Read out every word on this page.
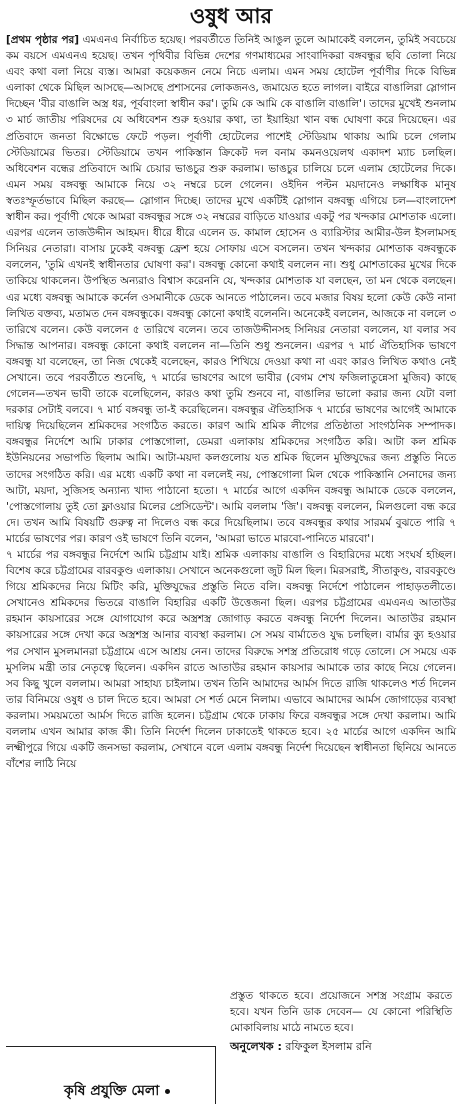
ওষুধ আর

[প্রথম পৃষ্ঠার পর] এমএনএ নির্বাচিত হয়েছ। পরবর্তীতে তিনিই আঙুল তুলে আমাকেই বললেন, তুমিই সবচেয়ে কম বয়সে এমএনএ হয়েছ। তখন পৃথিবীর বিভিন্ন দেশের গণমাধ্যমের সাংবাদিকরা বঙ্গবন্ধুর ছবি তোলা নিয়ে এবং কথা বলা নিয়ে ব্যস্ত। আমরা কয়েকজন নেমে নিচে এলাম। এমন সময় হোটেল পূর্বাণীর দিকে বিভিন্ন এলাকা থেকে মিছিল আসছে—আসছে প্রশাসনের লোকজনও, জমায়েত হতে লাগল। বাইরে বাঙালিরা স্লোগান দিচ্ছেন 'বীর বাঙালি অস্ত্র ধর, পূর্ববাংলা স্বাধীন কর'। তুমি কে আমি কে বাঙালি বাঙালি'। তাদের মুখেই শুনলাম ৩ মার্চ জাতীয় পরিষদের যে অধিবেশন শুরু হওয়ার কথা, তা ইয়াহিয়া খান বন্ধ ঘোষণা করে দিয়েছেন। এর প্রতিবাদে জনতা বিক্ষোভে ফেটে পড়ল। পূর্বাণী হোটেলের পাশেই স্টেডিয়াম থাকায় আমি চলে গেলাম স্টেডিয়ামের ভিতর। স্টেডিয়ামে তখন পাকিস্তান ক্রিকেট দল বনাম কমনওয়েলথ একাদশ ম্যাচ চলছিল। অধিবেশন বন্ধের প্রতিবাদে আমি চেয়ার ভাঙচুর শুরু করলাম। ভাঙচুর চালিয়ে চলে এলাম হোটেলের দিকে। এমন সময় বঙ্গবন্ধু আমাকে নিয়ে ৩২ নম্বরে চলে গেলেন। ওইদিন পল্টন ময়দানেও লক্ষাধিক মানুষ স্বতঃস্ফূর্তভাবে মিছিল করছে— স্লোগান দিচ্ছে। তাদের মুখে একটিই স্লোগান বঙ্গবন্ধু এগিয়ে চল—বাংলাদেশ স্বাধীন কর। পূর্বাণী থেকে আমরা বঙ্গবন্ধুর সঙ্গে ৩২ নম্বরের বাড়িতে যাওয়ার একটু পর খন্দকার মোশতাক এলো। এরপর এলেন তাজউদ্দীন আহমদ। ধীরে ধীরে এলেন ড. কামাল হোসেন ও ব্যারিস্টার আমীর-উল ইসলামসহ সিনিয়র নেতারা। বাসায় ঢুকেই বঙ্গবন্ধু ফ্রেশ হয়ে সোফায় এসে বসলেন। তখন খন্দকার মোশতাক বঙ্গবন্ধুকে বললেন, 'তুমি এখনই স্বাধীনতার ঘোষণা কর'। বঙ্গবন্ধু কোনো কথাই বললেন না। শুধু মোশতাকের মুখের দিকে তাকিয়ে থাকলেন। উপস্থিত অন্যরাও বিশ্বাস করেননি যে, খন্দকার মোশতাক যা বলছেন, তা মন থেকে বলছেন। এর মধ্যে বঙ্গবন্ধু আমাকে কর্নেল ওসমানীকে ডেকে আনতে পাঠালেন। তবে মজার বিষয় হলো কেউ কেউ নানা লিখিত বক্তব্য, মতামত দেন বঙ্গবন্ধুকে। বঙ্গবন্ধু কোনো কথাই বলেননি। অনেকেই বললেন, আজকে না বললে ৩ তারিখে বলেন। কেউ বললেন ৫ তারিখে বলেন। তবে তাজউদ্দীনসহ সিনিয়র নেতারা বললেন, যা বলার সব সিদ্ধান্ত আপনার। বঙ্গবন্ধু কোনো কথাই বললেন না—তিনি শুধু শুনলেন। এরপর ৭ মার্চ ঐতিহাসিক ভাষণে বঙ্গবন্ধু যা বলেছেন, তা নিজ থেকেই বলেছেন, কারও শিখিয়ে দেওয়া কথা না এবং কারও লিখিত কথাও নেই সেখানে। তবে পরবর্তীতে শুনেছি, ৭ মার্চের ভাষণের আগে ভাবীর (বেগম শেখ ফজিলাতুন্নেসা মুজিব) কাছে গেলেন—তখন ভাবী তাকে বলেছিলেন, কারও কথা তুমি শুনবে না, বাঙালির ভালো করার জন্য যেটা বলা দরকার সেটাই বলবে। ৭ মার্চ বঙ্গবন্ধু তা-ই করেছিলেন। বঙ্গবন্ধুর ঐতিহাসিক ৭ মার্চের ভাষণের আগেই আমাকে দায়িত্ব দিয়েছিলেন শ্রমিকদের সংগঠিত করতে। কারণ আমি শ্রমিক লীগের প্রতিষ্ঠাতা সাংগঠনিক সম্পাদক। বঙ্গবন্ধুর নির্দেশে আমি ঢাকার পোস্তগোলা, ডেমরা এলাকায় শ্রমিকদের সংগঠিত করি। আটা কল শ্রমিক ইউনিয়নের সভাপতি ছিলাম আমি। আটা-ময়দা কলগুলোয় যত শ্রমিক ছিলেন মুক্তিযুদ্ধের জন্য প্রস্তুতি নিতে তাদের সংগঠিত করি। এর মধ্যে একটি কথা না বললেই নয়, পোস্তগোলা মিল থেকে পাকিস্তানি সেনাদের জন্য আটা, ময়দা, সুজিসহ অন্যান্য খাদ্য পাঠানো হতো। ৭ মার্চের আগে একদিন বঙ্গবন্ধু আমাকে ডেকে বললেন, 'পোস্তগোলায় তুই তো ফ্লাওয়ার মিলের প্রেসিডেন্ট'। আমি বললাম 'জি'। বঙ্গবন্ধু বললেন, মিলগুলো বন্ধ করে দে। তখন আমি বিষয়টি গুরুত্ব না দিলেও বন্ধ করে দিয়েছিলাম। তবে বঙ্গবন্ধুর কথার সারমর্ম বুঝতে পারি ৭ মার্চের ভাষণের পর। কারণ ওই ভাষণে তিনি বলেন, 'আমরা ভাতে মারবো-পানিতে মারবো'।

৭ মার্চের পর বঙ্গবন্ধুর নির্দেশে আমি চট্টগ্রাম যাই। শ্রমিক এলাকায় বাঙালি ও বিহারিদের মধ্যে সংঘর্ষ হচ্ছিল। বিশেষ করে চট্টগ্রামের বারবকুণ্ড এলাকায়। সেখানে অনেকগুলো জুট মিল ছিল। মিরসরাই, সীতাকুণ্ড, বারবকুণ্ডে গিয়ে শ্রমিকদের নিয়ে মিটিং করি, মুক্তিযুদ্ধের প্রস্তুতি নিতে বলি। বঙ্গবন্ধু নির্দেশে পাঠালেন পাহাড়তলীতে। সেখানেও শ্রমিকদের ভিতরে বাঙালি বিহারির একটি উত্তেজনা ছিল। এরপর চট্টগ্রামের এমএনএ আতাউর রহমান কায়সারের সঙ্গে যোগাযোগ করে অস্ত্রশস্ত্র জোগাড় করতে বঙ্গবন্ধু নির্দেশ দিলেন। আতাউর রহমান কায়সারের সঙ্গে দেখা করে অস্ত্রশস্ত্র আনার ব্যবস্থা করলাম। সে সময় বার্মাতেও যুদ্ধ চলছিল। বার্মার ক্যু হওয়ার পর সেখান মুসলমানরা চট্টগ্রামে এসে আশ্রয় নেন। তাদের বিরুদ্ধে সশস্ত্র প্রতিরোধ গড়ে তোলে। সে সময়ে এক মুসলিম মন্ত্রী তার নেতৃত্বে ছিলেন। একদিন রাতে আতাউর রহমান কায়সার আমাকে তার কাছে নিয়ে গেলেন। সব কিছু খুলে বললাম। আমরা সাহায্য চাইলাম। তখন তিনি আমাদের আর্মস দিতে রাজি থাকলেও শর্ত দিলেন তার বিনিময়ে ওষুধ ও চাল দিতে হবে। আমরা সে শর্ত মেনে নিলাম। এভাবে আমাদের আর্মস জোগাড়ের ব্যবস্থা করলাম। সময়মতো আর্মস দিতে রাজি হলেন। চট্টগ্রাম থেকে ঢাকায় ফিরে বঙ্গবন্ধুর সঙ্গে দেখা করলাম। আমি বললাম এখন আমার কাজ কী। তিনি নির্দেশ দিলেন ঢাকাতেই থাকতে হবে। ২৫ মার্চের আগে একদিন আমি লক্ষ্মীপুরে গিয়ে একটি জনসভা করলাম, সেখানে বলে এলাম বঙ্গবন্ধু নির্দেশ দিয়েছেন স্বাধীনতা ছিনিয়ে আনতে বাঁশের লাঠি নিয়ে

প্রস্তুত থাকতে হবে। প্রয়োজনে সশস্ত্র সংগ্রাম করতে হবে। যখন তিনি ডাক দেবেন— যে কোনো পরিস্থিতি মোকাবিলায় মাঠে নামতে হবে।

অনুলেখক : রফিকুল ইসলাম রনি
কৃষি প্রযুক্তি মেলা
